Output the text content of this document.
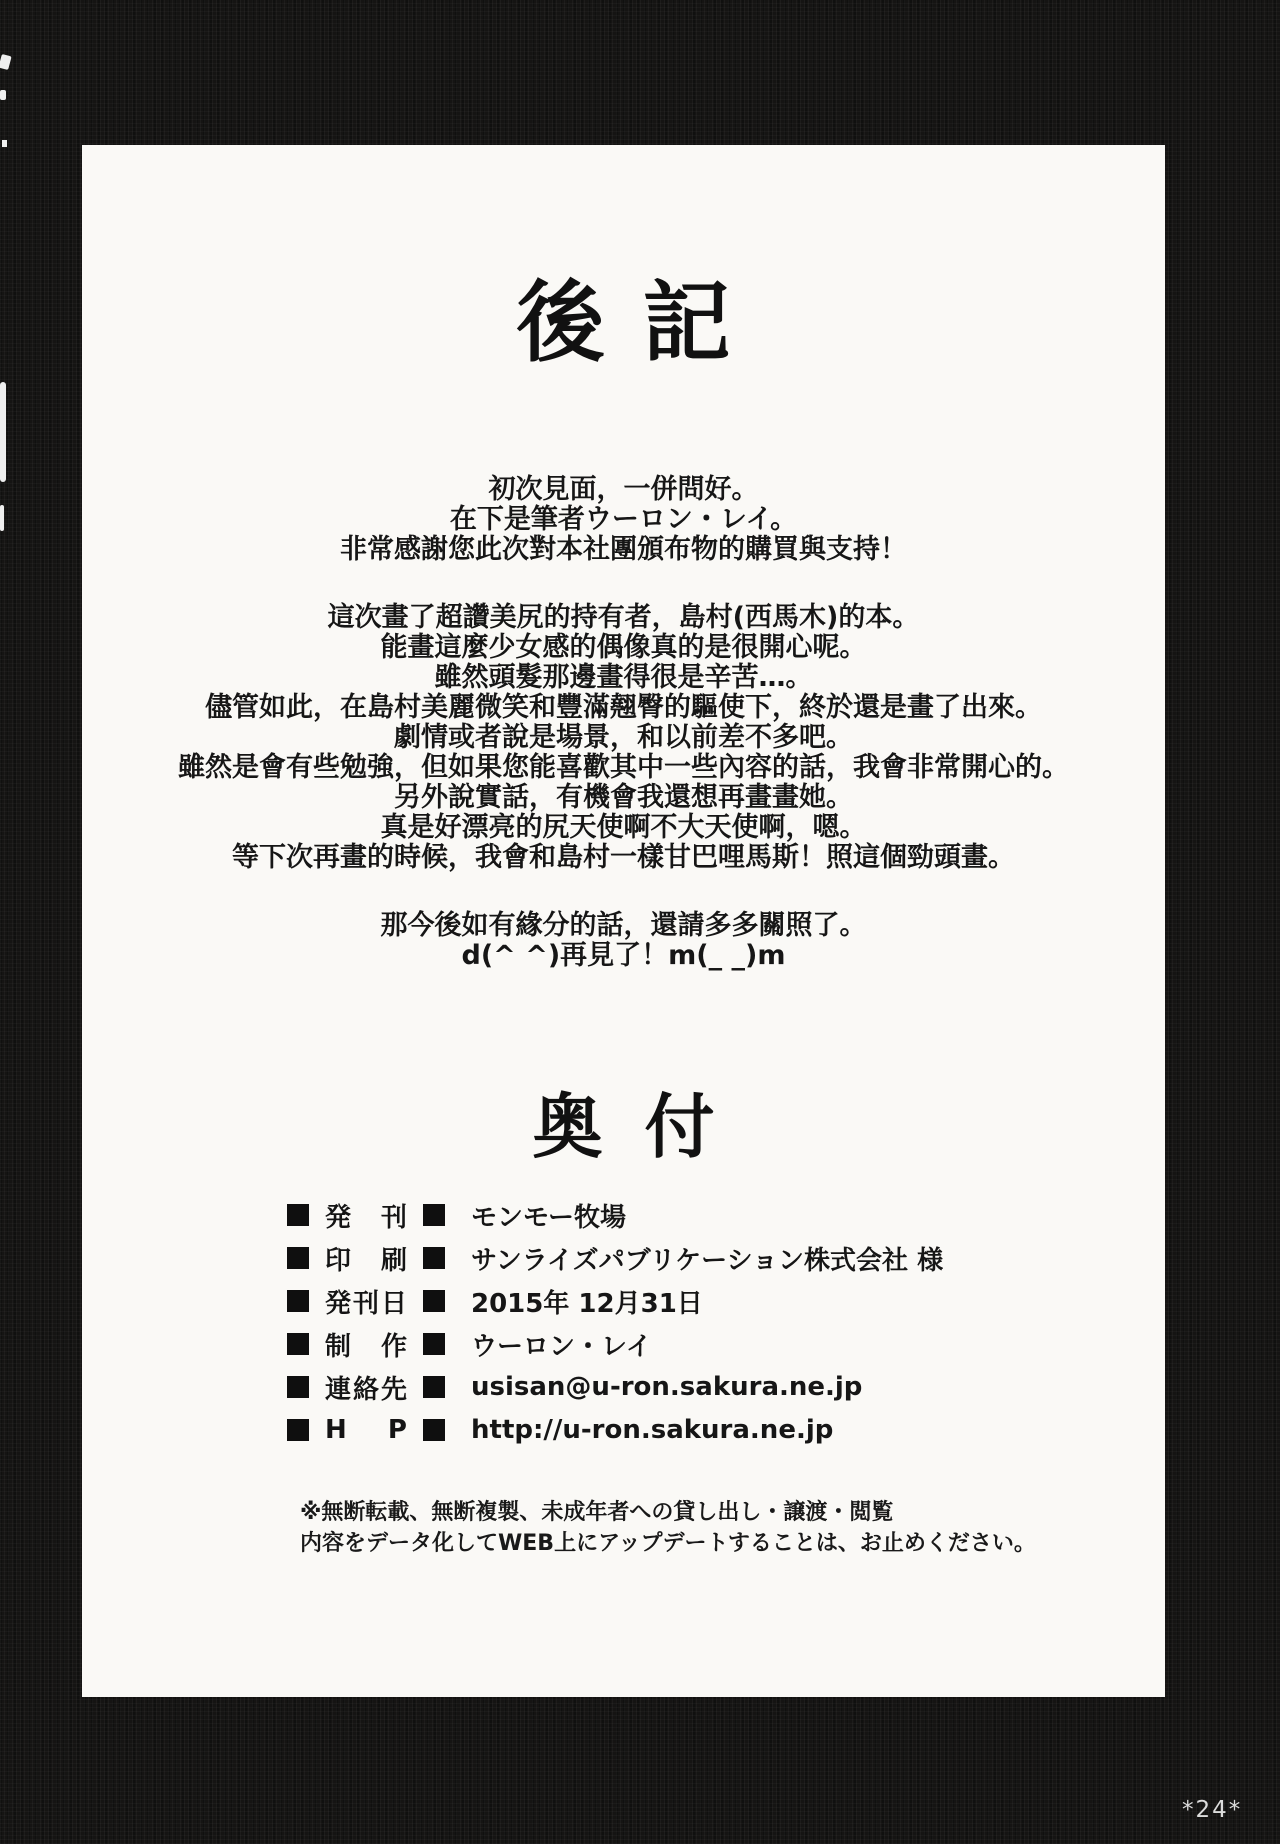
後記

初次見面，一併問好。
在下是筆者ウーロン・レイ。
非常感謝您此次對本社團頒布物的購買與支持！

這次畫了超讚美尻的持有者，島村(西馬木)的本。
能畫這麼少女感的偶像真的是很開心呢。
雖然頭髮那邊畫得很是辛苦…。
儘管如此，在島村美麗微笑和豐滿翹臀的驅使下，終於還是畫了出來。
劇情或者說是場景，和以前差不多吧。
雖然是會有些勉強，但如果您能喜歡其中一些內容的話，我會非常開心的。
另外說實話，有機會我還想再畫畫她。
真是好漂亮的尻天使啊不大天使啊，嗯。
等下次再畫的時候，我會和島村一樣甘巴哩馬斯！照這個勁頭畫。

那今後如有緣分的話，還請多多關照了。
d(^ ^)再見了！m(_ _)m

奥付
発 刊 モンモー牧場
印 刷 サンライズパブリケーション株式会社 様
発刊日 2015年 12月31日
制 作 ウーロン・レイ
連絡先 usisan@u-ron.sakura.ne.jp
H P http://u-ron.sakura.ne.jp
※無断転載、無断複製、未成年者への貸し出し・譲渡・閲覧
内容をデータ化してWEB上にアップデートすることは、お止めください。
*24*
